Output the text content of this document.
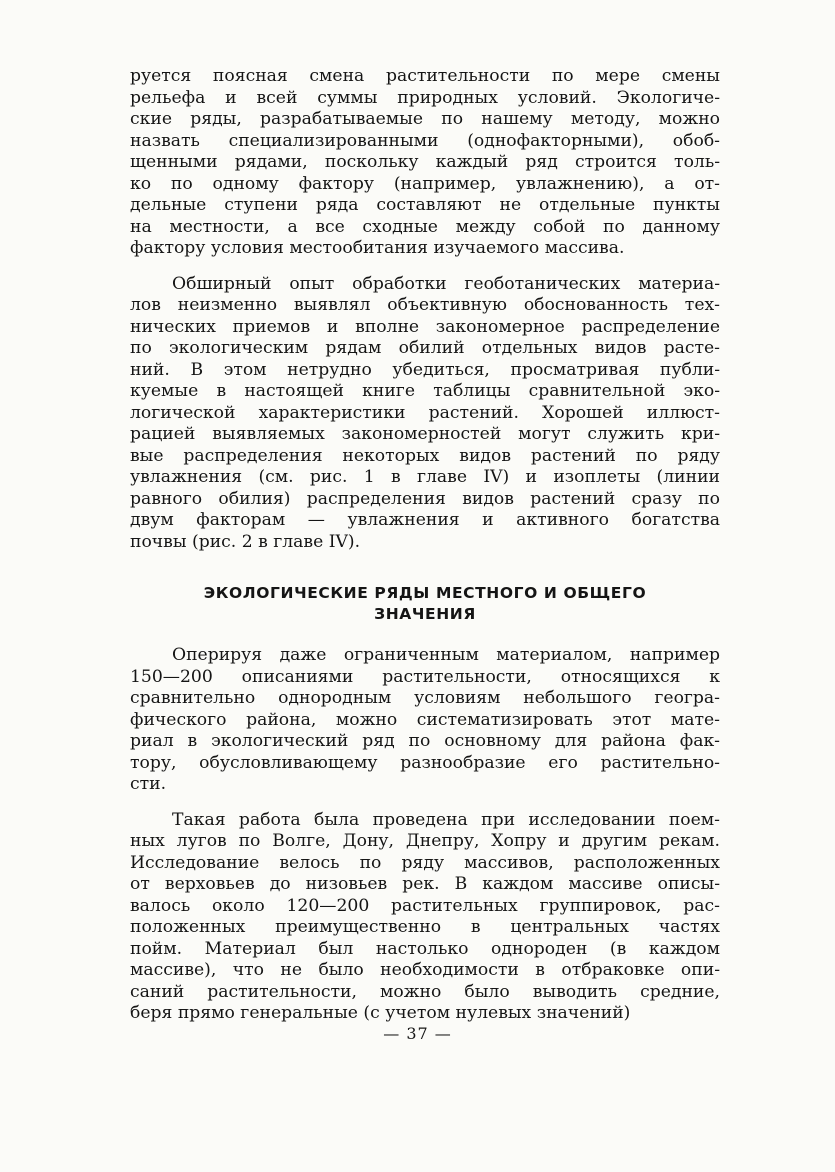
руется поясная смена растительности по мере смены
рельефа и всей суммы природных условий. Экологиче-
ские ряды, разрабатываемые по нашему методу, можно
назвать специализированными (однофакторными), обоб-
щенными рядами, поскольку каждый ряд строится толь-
ко по одному фактору (например, увлажнению), а от-
дельные ступени ряда составляют не отдельные пункты
на местности, а все сходные между собой по данному
фактору условия местообитания изучаемого массива.

Обширный опыт обработки геоботанических материа-
лов неизменно выявлял объективную обоснованность тех-
нических приемов и вполне закономерное распределение
по экологическим рядам обилий отдельных видов расте-
ний. В этом нетрудно убедиться, просматривая публи-
куемые в настоящей книге таблицы сравнительной эко-
логической характеристики растений. Хорошей иллюст-
рацией выявляемых закономерностей могут служить кри-
вые распределения некоторых видов растений по ряду
увлажнения (см. рис. 1 в главе IV) и изоплеты (линии
равного обилия) распределения видов растений сразу по
двум факторам — увлажнения и активного богатства
почвы (рис. 2 в главе IV).

ЭКОЛОГИЧЕСКИЕ РЯДЫ МЕСТНОГО И ОБЩЕГО
ЗНАЧЕНИЯ

Оперируя даже ограниченным материалом, например
150—200 описаниями растительности, относящихся к
сравнительно однородным условиям небольшого геогра-
фического района, можно систематизировать этот мате-
риал в экологический ряд по основному для района фак-
тору, обусловливающему разнообразие его растительно-
сти.

Такая работа была проведена при исследовании поем-
ных лугов по Волге, Дону, Днепру, Хопру и другим рекам.
Исследование велось по ряду массивов, расположенных
от верховьев до низовьев рек. В каждом массиве описы-
валось около 120—200 растительных группировок, рас-
положенных преимущественно в центральных частях
пойм. Материал был настолько однороден (в каждом
массиве), что не было необходимости в отбраковке опи-
саний растительности, можно было выводить средние,
беря прямо генеральные (с учетом нулевых значений)

— 37 —
